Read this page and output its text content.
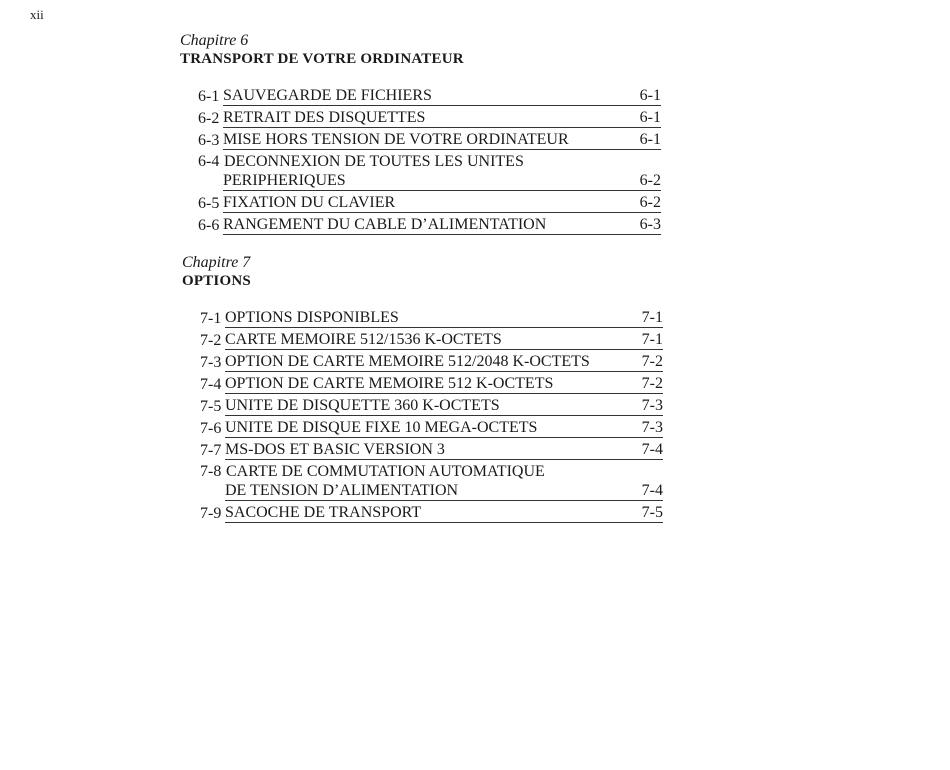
xii
Chapitre 6
TRANSPORT DE VOTRE ORDINATEUR
6-1 SAUVEGARDE DE FICHIERS	6-1
6-2 RETRAIT DES DISQUETTES	6-1
6-3 MISE HORS TENSION DE VOTRE ORDINATEUR	6-1
6-4 DECONNEXION DE TOUTES LES UNITES
PERIPHERIQUES	6-2
6-5 FIXATION DU CLAVIER	6-2
6-6 RANGEMENT DU CABLE D’ALIMENTATION	6-3
Chapitre 7
OPTIONS
7-1 OPTIONS DISPONIBLES	7-1
7-2 CARTE MEMOIRE 512/1536 K-OCTETS	7-1
7-3 OPTION DE CARTE MEMOIRE 512/2048 K-OCTETS	7-2
7-4 OPTION DE CARTE MEMOIRE 512 K-OCTETS	7-2
7-5 UNITE DE DISQUETTE 360 K-OCTETS	7-3
7-6 UNITE DE DISQUE FIXE 10 MEGA-OCTETS	7-3
7-7 MS-DOS ET BASIC VERSION 3	7-4
7-8 CARTE DE COMMUTATION AUTOMATIQUE
DE TENSION D’ALIMENTATION	7-4
7-9 SACOCHE DE TRANSPORT	7-5
